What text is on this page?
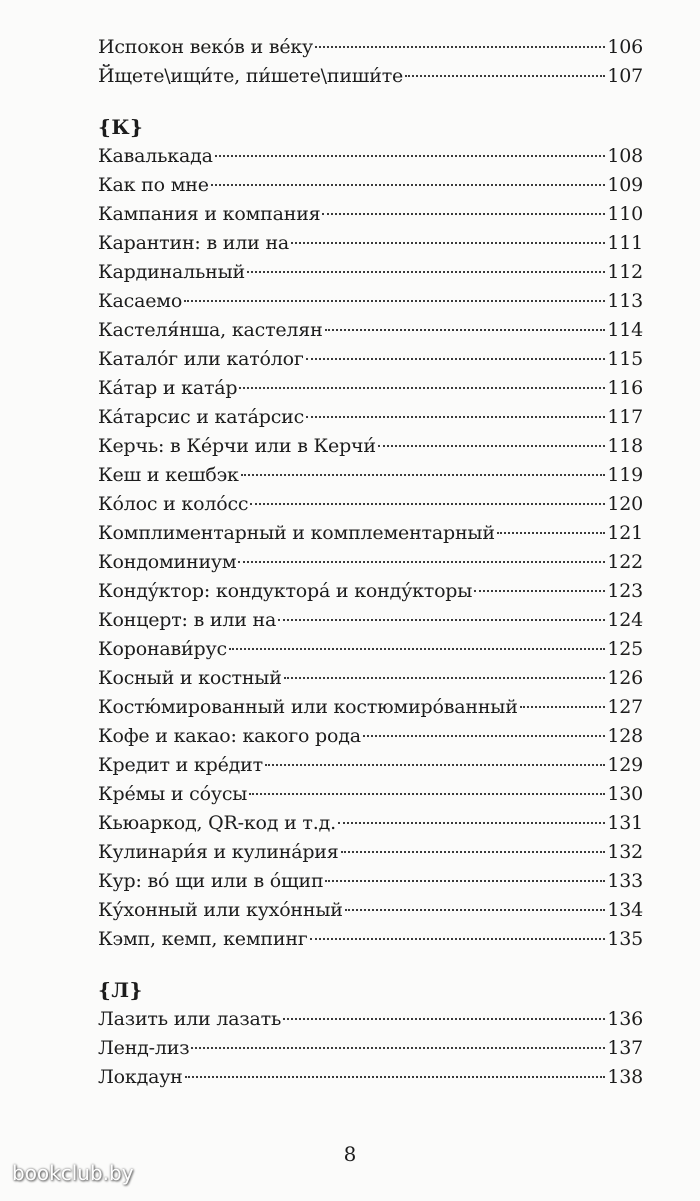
Испокон веко́в и ве́ку	106
Йщете\ищи́те, пи́шете\пиши́те	107
{К}
Кавалькада	108
Как по мне	109
Кампания и компания	110
Карантин: в или на	111
Кардинальный	112
Касаемо	113
Кастеля́нша, кастелян	114
Катало́г или като́лог	115
Ка́тар и ката́р	116
Ка́тарсис и ката́рсис	117
Керчь: в Ке́рчи или в Керчи́	118
Кеш и кешбэк	119
Ко́лос и коло́сс	120
Комплиментарный и комплементарный	121
Кондоминиум	122
Конду́ктор: кондуктора́ и конду́кторы	123
Концерт: в или на	124
Коронави́рус	125
Косный и костный	126
Костю́мированный или костюмиро́ванный	127
Кофе и какао: какого рода	128
Кредит и кре́дит	129
Кре́мы и со́усы	130
Кьюаркод, QR-код и т.д.	131
Кулинари́я и кулина́рия	132
Кур: во́ щи или в о́щип	133
Ку́хонный или кухо́нный	134
Кэмп, кемп, кемпинг	135
{Л}
Лазить или лазать	136
Ленд-лиз	137
Локдаун	138
8
bookclub.by
